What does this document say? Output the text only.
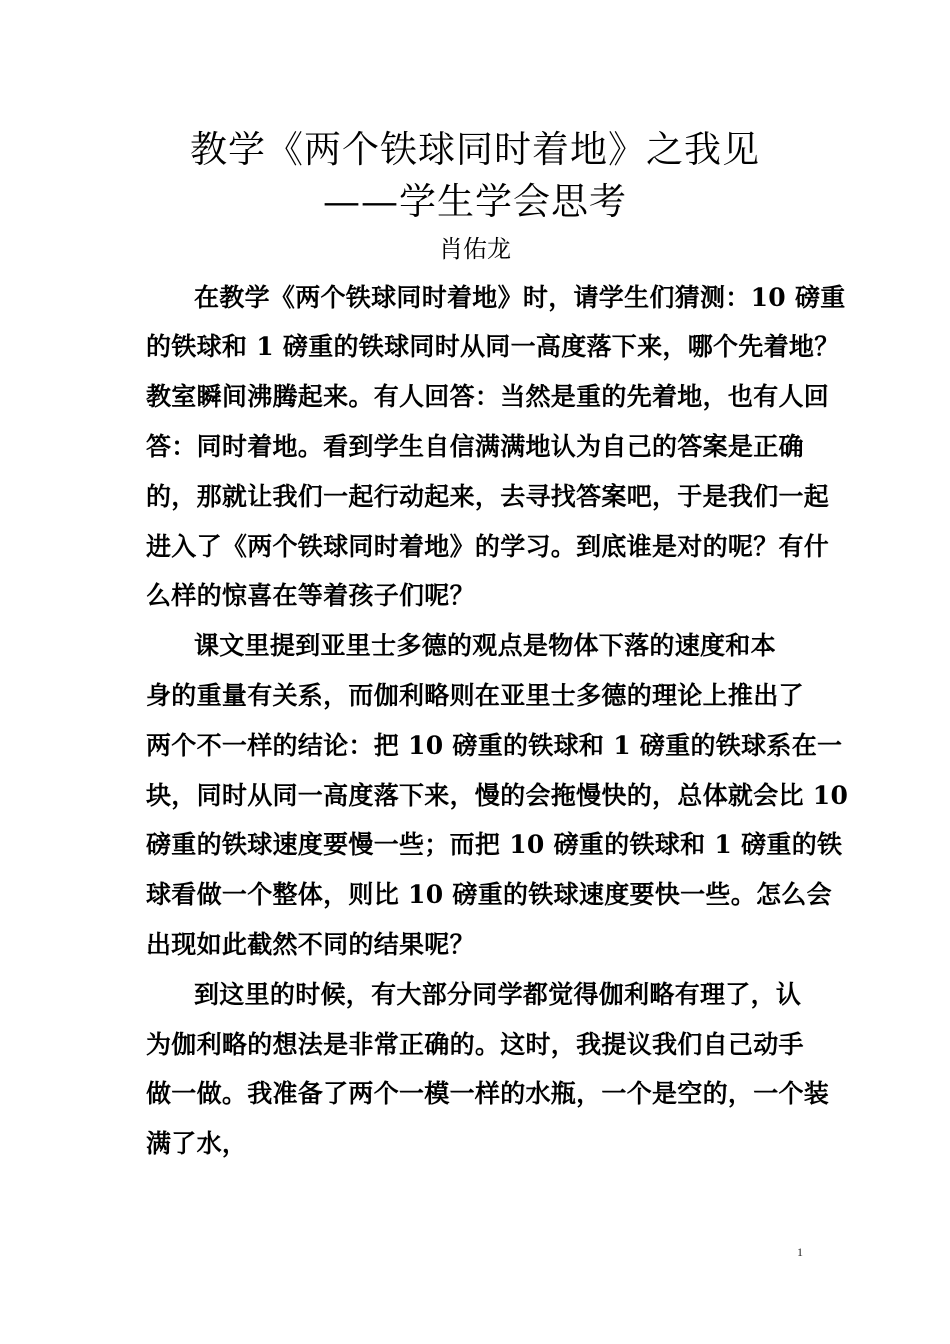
教学《两个铁球同时着地》之我见
——学生学会思考

肖佑龙

在教学《两个铁球同时着地》时，请学生们猜测：10 磅重

的铁球和 1 磅重的铁球同时从同一高度落下来，哪个先着地？

教室瞬间沸腾起来。有人回答：当然是重的先着地，也有人回

答：同时着地。看到学生自信满满地认为自己的答案是正确

的，那就让我们一起行动起来，去寻找答案吧，于是我们一起

进入了《两个铁球同时着地》的学习。到底谁是对的呢？有什

么样的惊喜在等着孩子们呢？

课文里提到亚里士多德的观点是物体下落的速度和本

身的重量有关系，而伽利略则在亚里士多德的理论上推出了

两个不一样的结论：把 10 磅重的铁球和 1 磅重的铁球系在一

块，同时从同一高度落下来，慢的会拖慢快的，总体就会比 10

磅重的铁球速度要慢一些；而把 10 磅重的铁球和 1 磅重的铁

球看做一个整体，则比 10 磅重的铁球速度要快一些。怎么会

出现如此截然不同的结果呢？

到这里的时候，有大部分同学都觉得伽利略有理了，认

为伽利略的想法是非常正确的。这时，我提议我们自己动手

做一做。我准备了两个一模一样的水瓶，一个是空的，一个装

满了水，

1
